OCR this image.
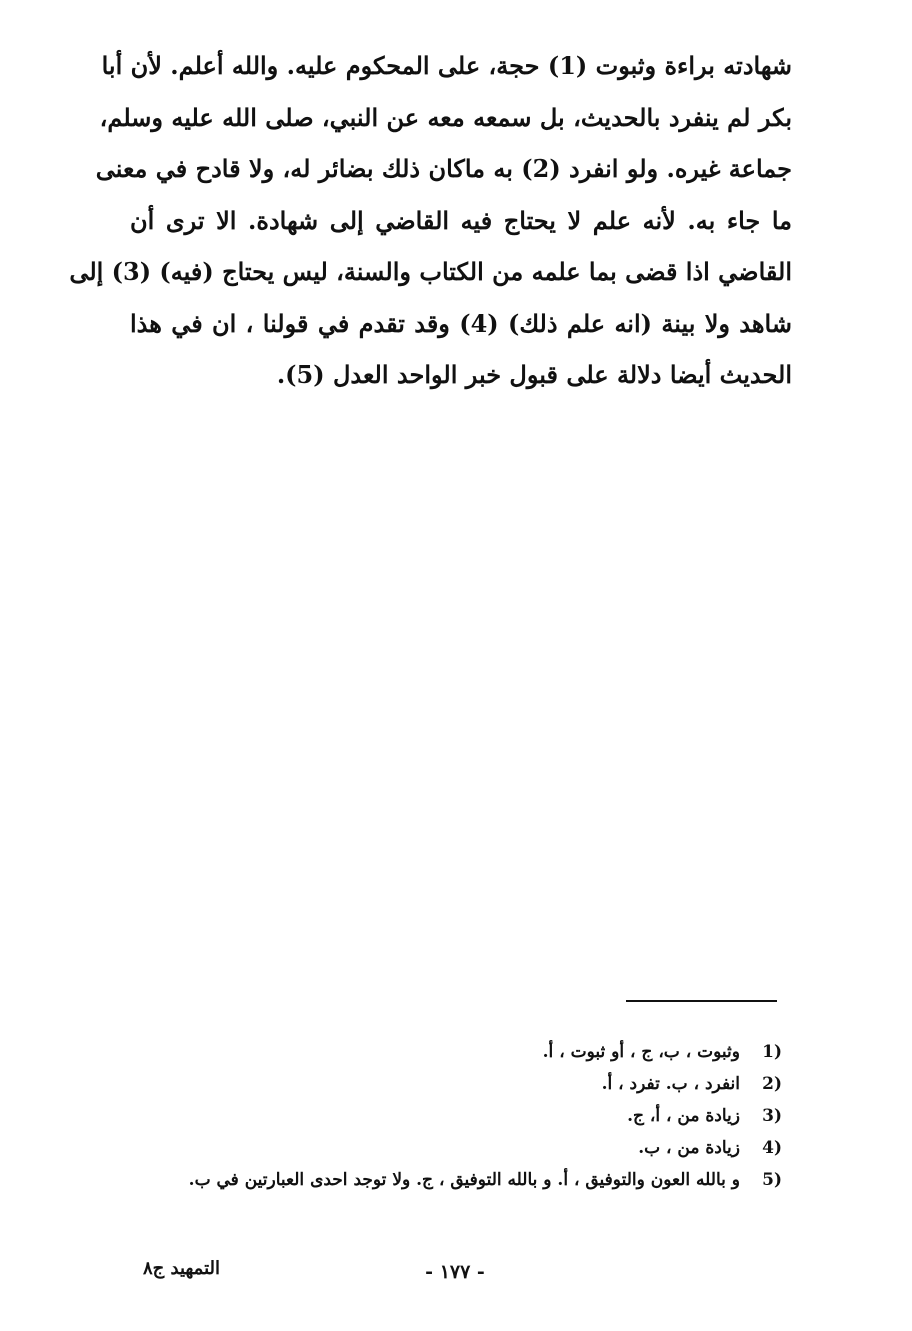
شهادته براءة وثبوت (1) حجة، على المحكوم عليه. والله أعلم. لأن أبا
بكر لم ينفرد بالحديث، بل سمعه معه عن النبي، صلى الله عليه وسلم،
جماعة غيره. ولو انفرد (2) به ماكان ذلك بضائر له، ولا قادح في معنى
ما جاء به. لأنه علم لا يحتاج فيه القاضي إلى شهادة. الا ترى أن
القاضي اذا قضى بما علمه من الكتاب والسنة، ليس يحتاج (فيه) (3) إلى
شاهد ولا بينة (انه علم ذلك) (4) وقد تقدم في قولنا ، ان في هذا
الحديث أيضا دلالة على قبول خبر الواحد العدل (5).
1)
وثبوت ، ب، ج ، أو ثبوت ، أ.
2)
انفرد ، ب. تفرد ، أ.
3)
زيادة من ، أ، ج.
4)
زيادة من ، ب.
5)
و بالله العون والتوفيق ، أ. و بالله التوفيق ، ج. ولا توجد احدى العبارتين في ب.
- ١٧٧ -
التمهيد ج٨
